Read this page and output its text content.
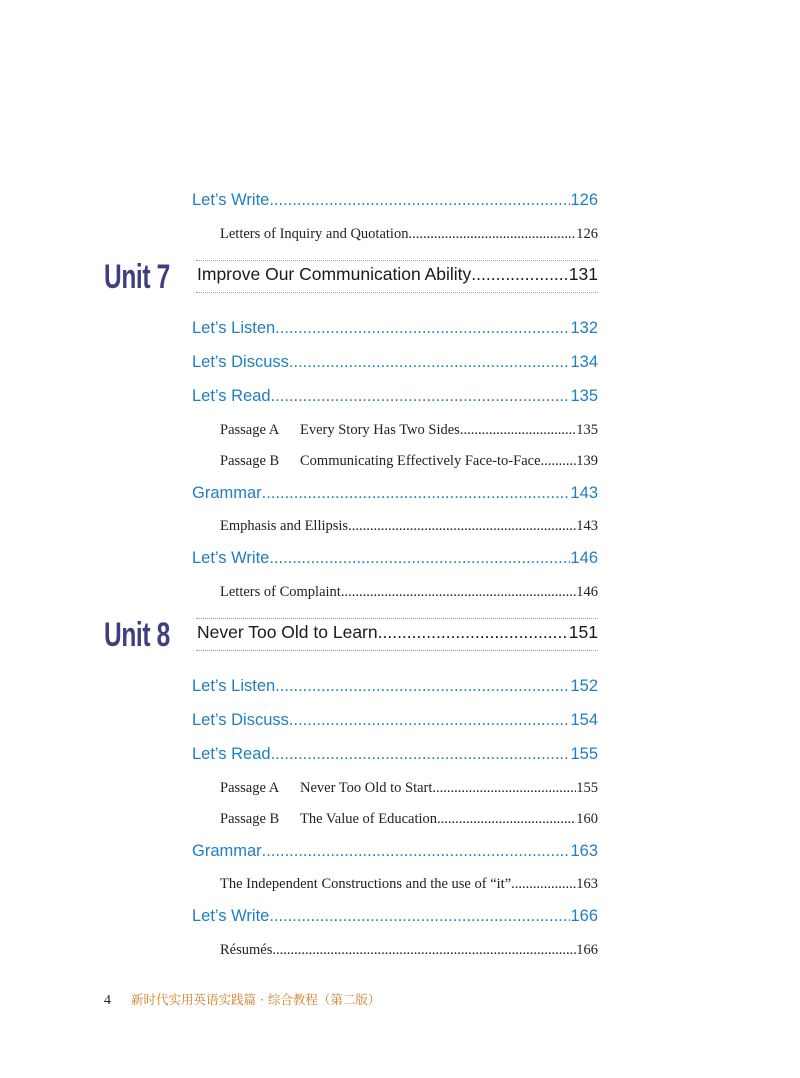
Let’s Write .....	126
Letters of Inquiry and Quotation .....	126
Unit 7 Improve Our Communication Ability .....	131
Let’s Listen .....	132
Let’s Discuss .....	134
Let’s Read .....	135
Passage A Every Story Has Two Sides .....	135
Passage B Communicating Effectively Face-to-Face ..... 139
Grammar .....	143
Emphasis and Ellipsis .....	143
Let’s Write .....	146
Letters of Complaint .....	146
Unit 8 Never Too Old to Learn .....	151
Let’s Listen .....	152
Let’s Discuss .....	154
Let’s Read .....	155
Passage A Never Too Old to Start .....	155
Passage B The Value of Education .....	160
Grammar .....	163
The Independent Constructions and the use of “it” .....	163
Let’s Write .....	166
Résumés .....	166
4 新时代实用英语实践篇 · 综合教程（第二版）
